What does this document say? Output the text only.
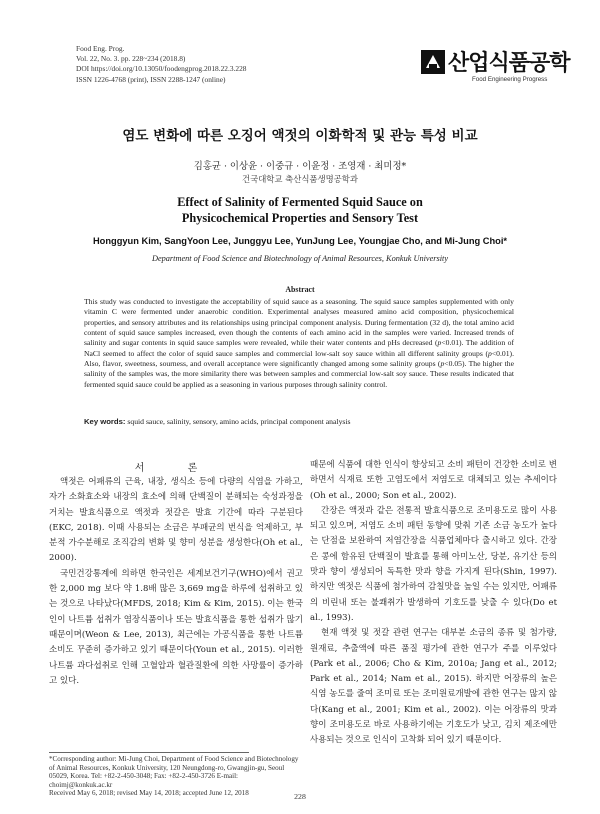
Food Eng. Prog.
Vol. 22, No. 3. pp. 228~234 (2018.8)
DOI https://doi.org/10.13050/foodengprog.2018.22.3.228
ISSN 1226-4768 (print), ISSN 2288-1247 (online)
산업식품공학
Food Engineering Progress
염도 변화에 따른 오징어 액젓의 이화학적 및 관능 특성 비교
김홍균 · 이상윤 · 이중규 · 이윤정 · 조영재 · 최미정*
건국대학교 축산식품생명공학과
Effect of Salinity of Fermented Squid Sauce on
Physicochemical Properties and Sensory Test
Honggyun Kim, SangYoon Lee, Junggyu Lee, YunJung Lee, Youngjae Cho, and Mi-Jung Choi*
Department of Food Science and Biotechnology of Animal Resources, Konkuk University
Abstract
This study was conducted to investigate the acceptability of squid sauce as a seasoning. The squid sauce samples supplemented with only vitamin C were fermented under anaerobic condition. Experimental analyses measured amino acid composition, physicochemical properties, and sensory attributes and its relationships using principal component analysis. During fermentation (32 d), the total amino acid content of squid sauce samples increased, even though the contents of each amino acid in the samples were varied. Increased trends of salinity and sugar contents in squid sauce samples were revealed, while their water contents and pHs decreased (p<0.01). The addition of NaCl seemed to affect the color of squid sauce samples and commercial low-salt soy sauce within all different salinity groups (p<0.01). Also, flavor, sweetness, sourness, and overall acceptance were significantly changed among some salinity groups (p<0.05). The higher the salinity of the samples was, the more similarity there was between samples and commercial low-salt soy sauce. These results indicated that fermented squid sauce could be applied as a seasoning in various purposes through salinity control.
Key words: squid sauce, salinity, sensory, amino acids, principal component analysis
서 론

액젓은 어패류의 근육, 내장, 생식소 등에 다량의 식염을 가하고, 자가 소화효소와 내장의 효소에 의해 단백질이 분해되는 숙성과정을 거치는 발효식품으로 액젓과 젓갈은 발효 기간에 따라 구분된다(EKC, 2018). 이때 사용되는 소금은 부패균의 번식을 억제하고, 부분적 가수분해로 조직감의 변화 및 향미 성분을 생성한다(Oh et al., 2000).

국민건강통계에 의하면 한국인은 세계보건기구(WHO)에서 권고한 2,000 mg 보다 약 1.8배 많은 3,669 mg을 하루에 섭취하고 있는 것으로 나타났다(MFDS, 2018; Kim & Kim, 2015). 이는 한국인이 나트륨 섭취가 염장식품이나 또는 발효식품을 통한 섭취가 많기 때문이며(Weon & Lee, 2013), 최근에는 가공식품을 통한 나트륨 소비도 꾸준히 증가하고 있기 때문이다(Youn et al., 2015). 이러한 나트륨 과다섭취로 인해 고혈압과 혈관질환에 의한 사망률이 증가하고 있다.

때문에 식품에 대한 인식이 향상되고 소비 패턴이 건강한 소비로 변하면서 식재료 또한 고염도에서 저염도로 대체되고 있는 추세이다(Oh et al., 2000; Son et al., 2002).

간장은 액젓과 같은 전통적 발효식품으로 조미용도로 많이 사용되고 있으며, 저염도 소비 패턴 동향에 맞춰 기존 소금 농도가 높다는 단점을 보완하여 저염간장을 식품업체마다 출시하고 있다. 간장은 콩에 함유된 단백질이 발효를 통해 아미노산, 당분, 유기산 등의 맛과 향이 생성되어 독특한 맛과 향을 가지게 된다(Shin, 1997). 하지만 액젓은 식품에 첨가하여 감칠맛을 높일 수는 있지만, 어패류의 비린내 또는 불쾌취가 발생하여 기호도를 낮출 수 있다(Do et al., 1993).

현재 액젓 및 젓갈 관련 연구는 대부분 소금의 종류 및 첨가량, 원재료, 추출액에 따른 품질 평가에 관한 연구가 주를 이루었다(Park et al., 2006; Cho & Kim, 2010a; Jang et al., 2012; Park et al., 2014; Nam et al., 2015). 하지만 어장류의 높은 식염 농도를 줄여 조미료 또는 조미원료개발에 관한 연구는 많지 않다(Kang et al., 2001; Kim et al., 2002). 이는 어장류의 맛과 향이 조미용도로 바로 사용하기에는 기호도가 낮고, 김치 제조에만 사용되는 것으로 인식이 고착화 되어 있기 때문이다.

*Corresponding author: Mi-Jung Choi, Department of Food Science and Biotechnology of Animal Resources, Konkuk University, 120 Neungdong-ro, Gwangjin-gu, Seoul 05029, Korea. Tel: +82-2-450-3048; Fax: +82-2-450-3726 E-mail: choimj@konkuk.ac.kr
Received May 6, 2018; revised May 14, 2018; accepted June 12, 2018	228
